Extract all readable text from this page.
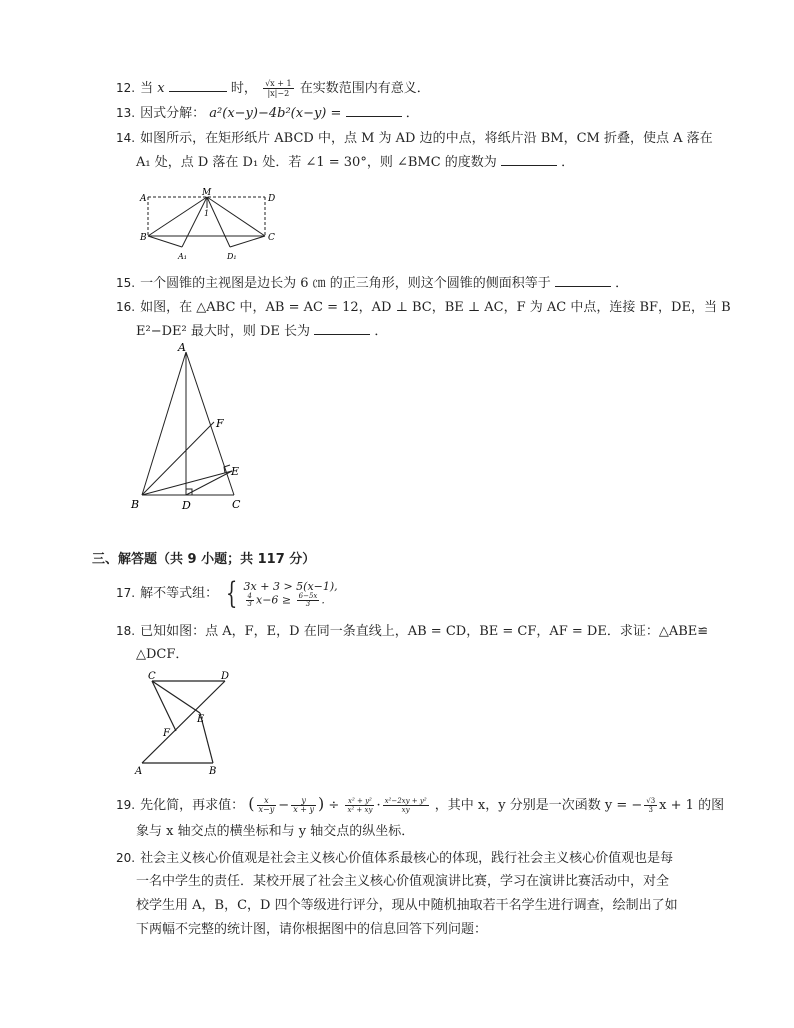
12. 当 x	时， $\frac{√x + 1}{|x|-2}$ 在实数范围内有意义．
13. 因式分解： a²(x−y)−4b²(x−y) =	．
14. 如图所示，在矩形纸片 ABCD 中，点 M 为 AD 边的中点，将纸片沿 BM，CM 折叠，使点 A 落在
A₁ 处，点 D 落在 D₁ 处．若 ∠1 = 30°，则 ∠BMC 的度数为	．
A
M
D
1
B	C
A₁	D₁
15. 一个圆锥的主视图是边长为 6 ㎝ 的正三角形，则这个圆锥的侧面积等于	．
16. 如图，在 △ABC 中，AB = AC = 12，AD ⊥ BC，BE ⊥ AC，F 为 AC 中点，连接 BF，DE，当 B
E²−DE² 最大时，则 DE 长为	．
A
F
E
B	D	C
三、解答题（共 9 小题；共 117 分）
17. 解不等式组： { 3x + 3 > 5(x−1),
$\frac{4}{3} x-6 \ge \frac{6-5x}{3}$ .
18. 已知如图：点 A，F，E，D 在同一条直线上，AB = CD，BE = CF，AF = DE．求证：△ABE≌
△DCF．
C	D
E
F
A	B
19. 先化简，再求值： ( $\frac{x}{x-y} - \frac{y}{x + y}$ ) ÷ $\frac{\text{x² + y²}}{\text{x² + xy}} \cdot \frac{\text{x²−2xy + y²}}{xy}$ ，其中 x，y 分别是一次函数 y = − $\frac{√3}{3}$ x + 1 的图
象与 x 轴交点的横坐标和与 y 轴交点的纵坐标．
20. 社会主义核心价值观是社会主义核心价值体系最核心的体现，践行社会主义核心价值观也是每
一名中学生的责任．某校开展了社会主义核心价值观演讲比赛，学习在演讲比赛活动中，对全
校学生用 A，B，C，D 四个等级进行评分，现从中随机抽取若干名学生进行调查，绘制出了如
下两幅不完整的统计图，请你根据图中的信息回答下列问题：
